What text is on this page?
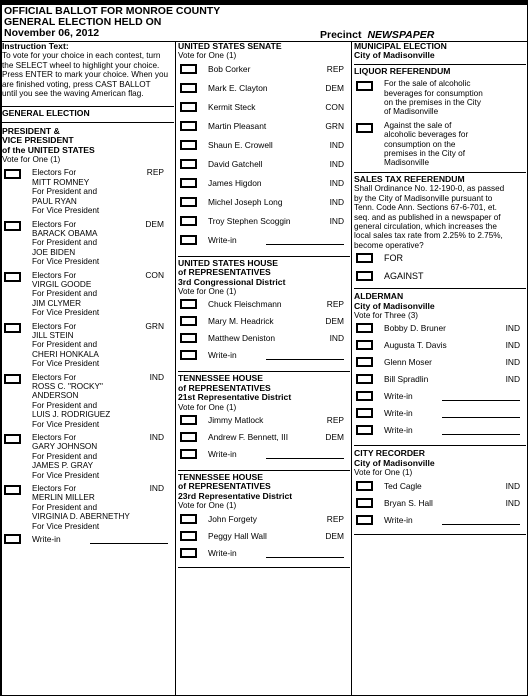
OFFICIAL BALLOT FOR MONROE COUNTY
GENERAL ELECTION HELD ON
November 06, 2012	Precinct NEWSPAPER
Instruction Text:
To vote for your choice in each contest, turn
the SELECT wheel to highlight your choice.
Press ENTER to mark your choice. When you
are finished voting, press CAST BALLOT
until you see the waving American flag.
GENERAL ELECTION
PRESIDENT &
VICE PRESIDENT
of the UNITED STATES
Vote for One (1)
Electors For
MITT ROMNEY
For President and
PAUL RYAN
For Vice President
REP
Electors For
BARACK OBAMA
For President and
JOE BIDEN
For Vice President
DEM
Electors For
VIRGIL GOODE
For President and
JIM CLYMER
For Vice President
CON
Electors For
JILL STEIN
For President and
CHERI HONKALA
For Vice President
GRN
Electors For
ROSS C. "ROCKY"
ANDERSON
For President and
LUIS J. RODRIGUEZ
For Vice President
IND
Electors For
GARY JOHNSON
For President and
JAMES P. GRAY
For Vice President
IND
Electors For
MERLIN MILLER
For President and
VIRGINIA D. ABERNETHY
For Vice President
IND
Write-in
UNITED STATES SENATE
Vote for One (1)
Bob Corker	REP
Mark E. Clayton	DEM
Kermit Steck	CON
Martin Pleasant	GRN
Shaun E. Crowell	IND
David Gatchell	IND
James Higdon	IND
Michel Joseph Long	IND
Troy Stephen Scoggin	IND
Write-in
UNITED STATES HOUSE
of REPRESENTATIVES
3rd Congressional District
Vote for One (1)
Chuck Fleischmann	REP
Mary M. Headrick	DEM
Matthew Deniston	IND
Write-in
TENNESSEE HOUSE
of REPRESENTATIVES
21st Representative District
Vote for One (1)
Jimmy Matlock	REP
Andrew F. Bennett, III	DEM
Write-in
TENNESSEE HOUSE
of REPRESENTATIVES
23rd Representative District
Vote for One (1)
John Forgety	REP
Peggy Hall Wall	DEM
Write-in
MUNICIPAL ELECTION
City of Madisonville
LIQUOR REFERENDUM
For the sale of alcoholic
beverages for consumption
on the premises in the City
of Madisonville
Against the sale of
alcoholic beverages for
consumption on the
premises in the City of
Madisonville
SALES TAX REFERENDUM
Shall Ordinance No. 12-190-0, as passed
by the City of Madisonville pursuant to
Tenn. Code Ann. Sections 67-6-701, et.
seq. and as published in a newspaper of
general circulation, which increases the
local sales tax rate from 2.25% to 2.75%,
become operative?
FOR
AGAINST
ALDERMAN
City of Madisonville
Vote for Three (3)
Bobby D. Bruner	IND
Augusta T. Davis	IND
Glenn Moser	IND
Bill Spradlin	IND
Write-in
Write-in
Write-in
CITY RECORDER
City of Madisonville
Vote for One (1)
Ted Cagle	IND
Bryan S. Hall	IND
Write-in
